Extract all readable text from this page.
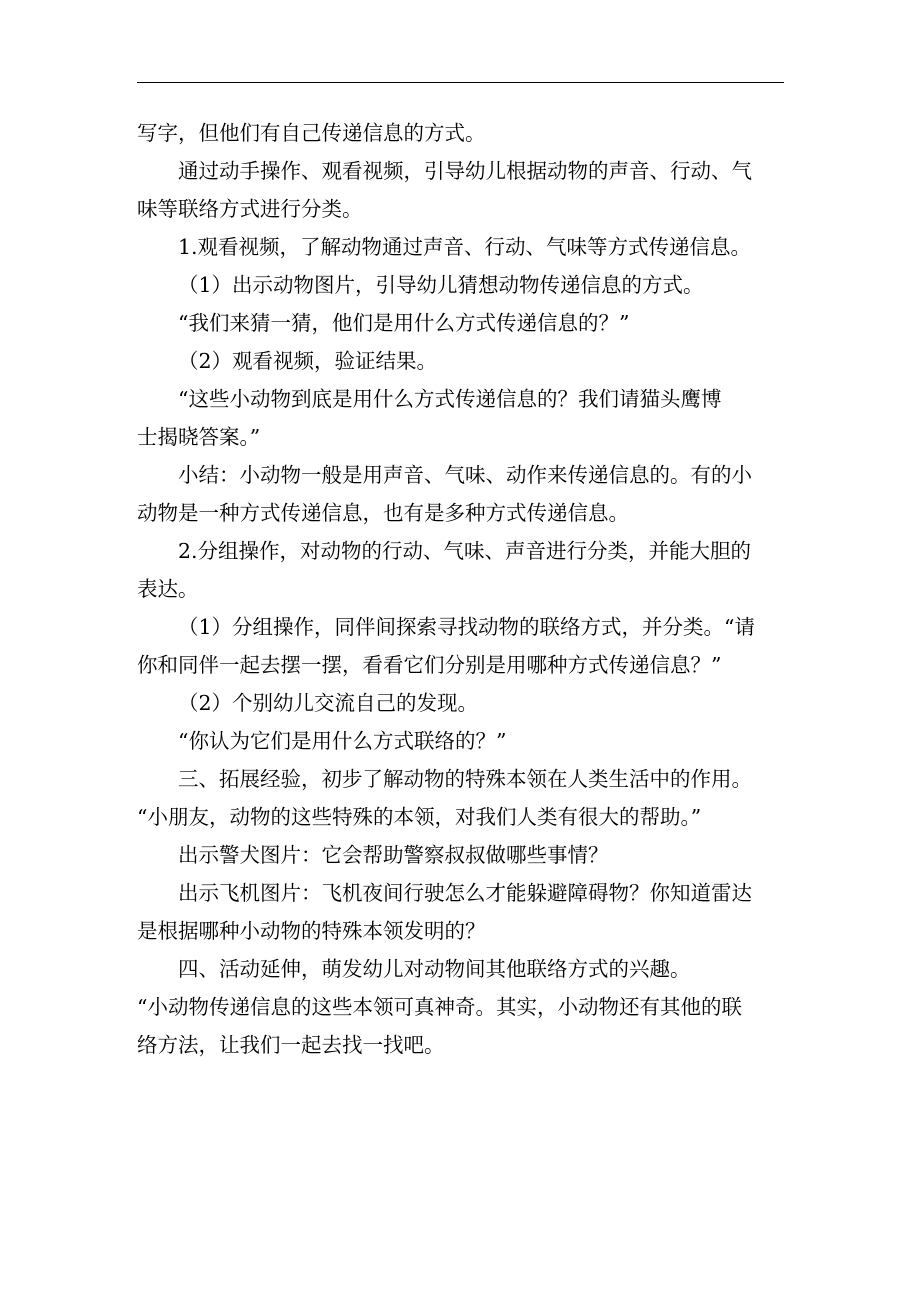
写字，但他们有自己传递信息的方式。
通过动手操作、观看视频，引导幼儿根据动物的声音、行动、气
味等联络方式进行分类。
1.观看视频，了解动物通过声音、行动、气味等方式传递信息。
（1）出示动物图片，引导幼儿猜想动物传递信息的方式。
“我们来猜一猜，他们是用什么方式传递信息的？”
（2）观看视频，验证结果。
“这些小动物到底是用什么方式传递信息的？我们请猫头鹰博
士揭晓答案。”
小结：小动物一般是用声音、气味、动作来传递信息的。有的小
动物是一种方式传递信息，也有是多种方式传递信息。
2.分组操作，对动物的行动、气味、声音进行分类，并能大胆的
表达。
（1）分组操作，同伴间探索寻找动物的联络方式，并分类。“请
你和同伴一起去摆一摆，看看它们分别是用哪种方式传递信息？”
（2）个别幼儿交流自己的发现。
“你认为它们是用什么方式联络的？”
三、拓展经验，初步了解动物的特殊本领在人类生活中的作用。
“小朋友，动物的这些特殊的本领，对我们人类有很大的帮助。”
出示警犬图片：它会帮助警察叔叔做哪些事情？
出示飞机图片：飞机夜间行驶怎么才能躲避障碍物？你知道雷达
是根据哪种小动物的特殊本领发明的？
四、活动延伸，萌发幼儿对动物间其他联络方式的兴趣。
“小动物传递信息的这些本领可真神奇。其实，小动物还有其他的联
络方法，让我们一起去找一找吧。
